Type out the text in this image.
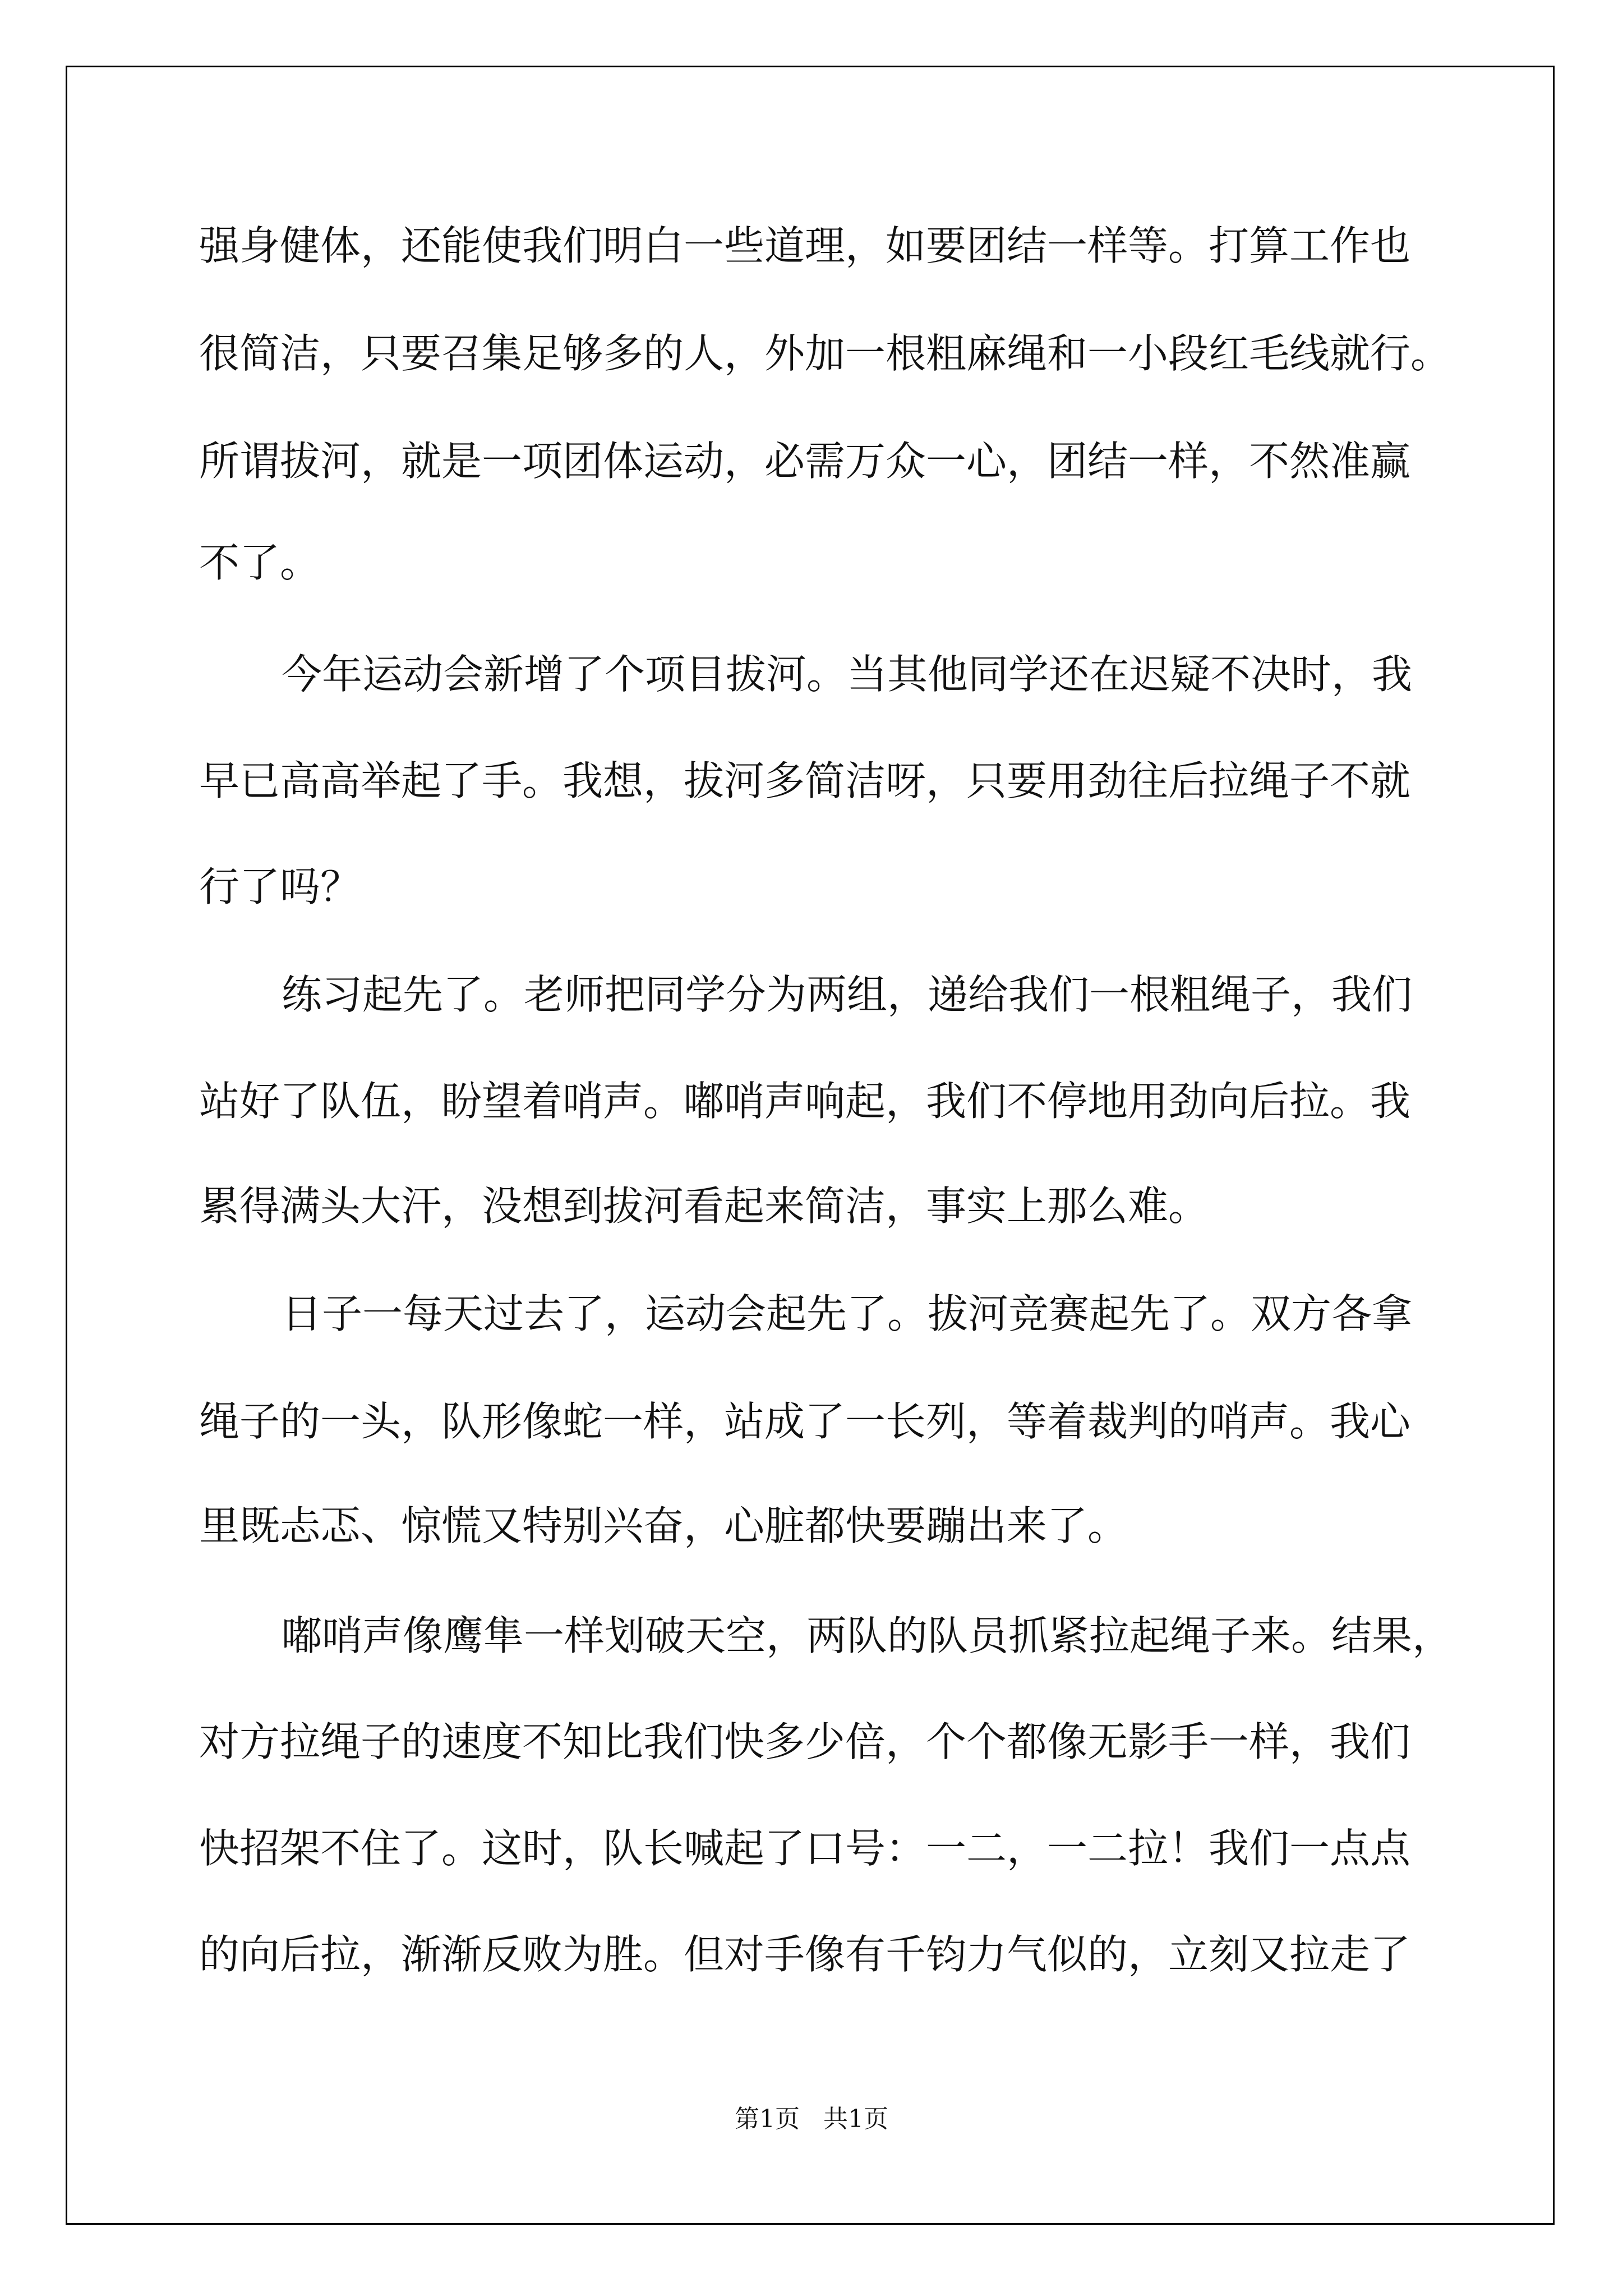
强身健体，还能使我们明白一些道理，如要团结一样等。打算工作也
很简洁，只要召集足够多的人，外加一根粗麻绳和一小段红毛线就行。
所谓拔河，就是一项团体运动，必需万众一心，团结一样，不然准赢
不了。
今年运动会新增了个项目拔河。当其他同学还在迟疑不决时，我
早已高高举起了手。我想，拔河多简洁呀，只要用劲往后拉绳子不就
行了吗？
练习起先了。老师把同学分为两组，递给我们一根粗绳子，我们
站好了队伍，盼望着哨声。嘟哨声响起，我们不停地用劲向后拉。我
累得满头大汗，没想到拔河看起来简洁，事实上那么难。
日子一每天过去了，运动会起先了。拔河竞赛起先了。双方各拿
绳子的一头，队形像蛇一样，站成了一长列，等着裁判的哨声。我心
里既忐忑、惊慌又特别兴奋，心脏都快要蹦出来了。
嘟哨声像鹰隼一样划破天空，两队的队员抓紧拉起绳子来。结果，
对方拉绳子的速度不知比我们快多少倍，个个都像无影手一样，我们
快招架不住了。这时，队长喊起了口号：一二，一二拉！我们一点点
的向后拉，渐渐反败为胜。但对手像有千钧力气似的，立刻又拉走了
第1页   共1页
